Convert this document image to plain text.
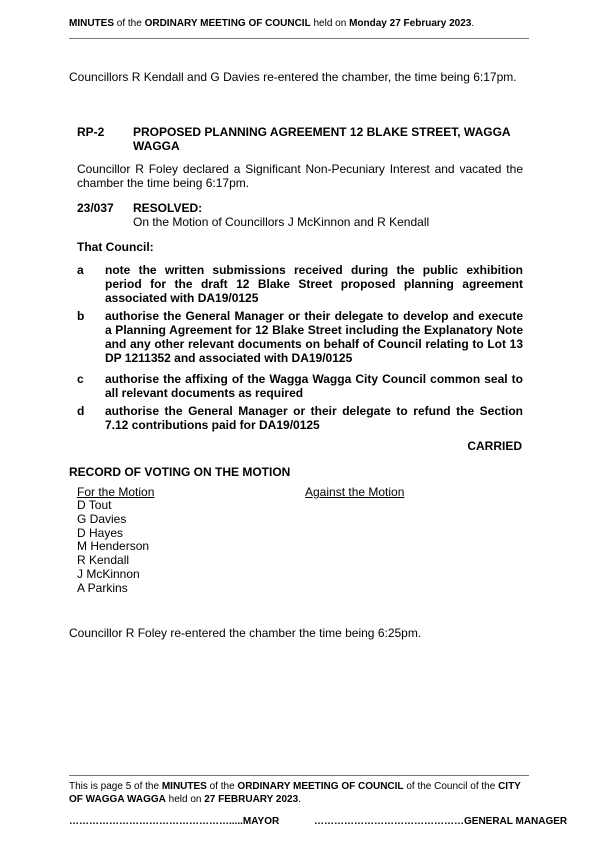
MINUTES of the ORDINARY MEETING OF COUNCIL held on Monday 27 February 2023.
Councillors R Kendall and G Davies re-entered the chamber, the time being 6:17pm.
RP-2 PROPOSED PLANNING AGREEMENT 12 BLAKE STREET, WAGGA
WAGGA
Councillor R Foley declared a Significant Non-Pecuniary Interest and vacated the chamber the time being 6:17pm.
23/037 RESOLVED:
On the Motion of Councillors J McKinnon and R Kendall
That Council:
a note the written submissions received during the public exhibition period for the draft 12 Blake Street proposed planning agreement associated with DA19/0125
b authorise the General Manager or their delegate to develop and execute a Planning Agreement for 12 Blake Street including the Explanatory Note and any other relevant documents on behalf of Council relating to Lot 13 DP 1211352 and associated with DA19/0125
c authorise the affixing of the Wagga Wagga City Council common seal to all relevant documents as required
d authorise the General Manager or their delegate to refund the Section 7.12 contributions paid for DA19/0125
CARRIED
RECORD OF VOTING ON THE MOTION
For the Motion	Against the Motion
D Tout
G Davies
D Hayes
M Henderson
R Kendall
J McKinnon
A Parkins
Councillor R Foley re-entered the chamber the time being 6:25pm.
This is page 5 of the MINUTES of the ORDINARY MEETING OF COUNCIL of the Council of the CITY OF WAGGA WAGGA held on 27 FEBRUARY 2023.
………………………………………….....MAYOR	………………………………………GENERAL MANAGER
